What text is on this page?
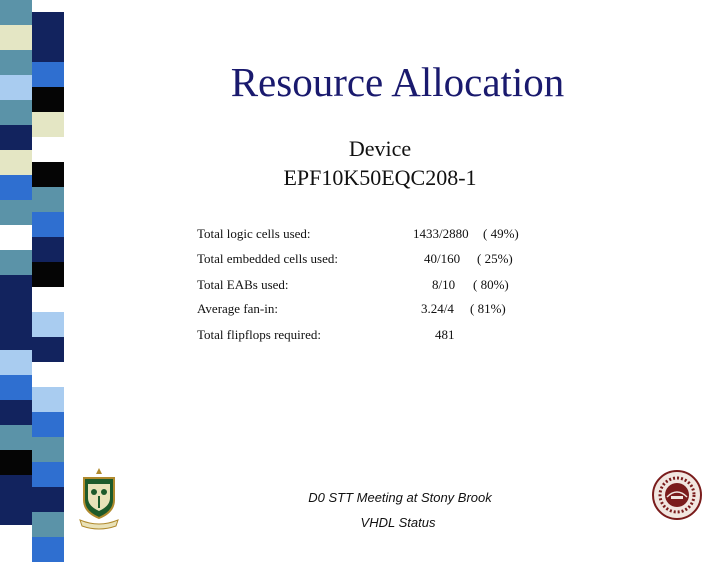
Resource Allocation
Device
EPF10K50EQC208-1
Total logic cells used:	1433/2880 ( 49%)
Total embedded cells used:	40/160 ( 25%)
Total EABs used:	8/10 ( 80%)
Average fan-in:	3.24/4 ( 81%)
Total flipflops required:	481
D0 STT Meeting at Stony Brook
VHDL Status
